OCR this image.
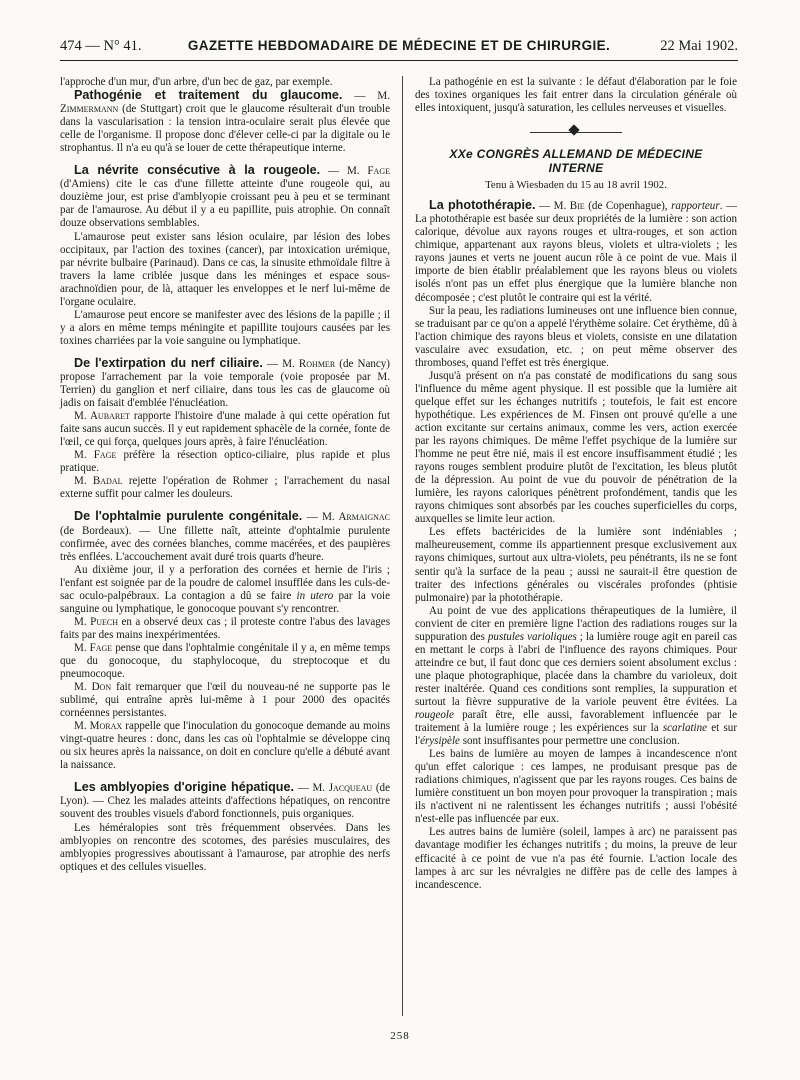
474 — N° 41.	GAZETTE HEBDOMADAIRE DE MÉDECINE ET DE CHIRURGIE.	22 Mai 1902.

l'approche d'un mur, d'un arbre, d'un bec de gaz, par exemple.

Pathogénie et traitement du glaucome. — M. Zimmermann (de Stuttgart) croit que le glaucome résulterait d'un trouble dans la vascularisation : la tension intra-oculaire serait plus élevée que celle de l'organisme. Il propose donc d'élever celle-ci par la digitale ou le strophantus. Il n'a eu qu'à se louer de cette thérapeutique interne.

La névrite consécutive à la rougeole. — M. Fage (d'Amiens) cite le cas d'une fillette atteinte d'une rougeole qui, au douzième jour, est prise d'amblyopie croissant peu à peu et se terminant par de l'amaurose. Au début il y a eu papillite, puis atrophie. On connaît douze observations semblables.

L'amaurose peut exister sans lésion oculaire, par lésion des lobes occipitaux, par l'action des toxines (cancer), par intoxication urémique, par névrite bulbaire (Parinaud). Dans ce cas, la sinusite ethmoïdale filtre à travers la lame criblée jusque dans les méninges et espace sous-arachnoïdien pour, de là, attaquer les enveloppes et le nerf lui-même de l'organe oculaire.

L'amaurose peut encore se manifester avec des lésions de la papille ; il y a alors en même temps méningite et papillite toujours causées par les toxines charriées par la voie sanguine ou lymphatique.

De l'extirpation du nerf ciliaire. — M. Rohmer (de Nancy) propose l'arrachement par la voie temporale (voie proposée par M. Terrien) du ganglion et nerf ciliaire, dans tous les cas de glaucome où jadis on faisait d'emblée l'énucléation.

M. Aubaret rapporte l'histoire d'une malade à qui cette opération fut faite sans aucun succès. Il y eut rapidement sphacèle de la cornée, fonte de l'œil, ce qui força, quelques jours après, à faire l'énucléation.

M. Fage préfère la résection optico-ciliaire, plus rapide et plus pratique.

M. Badal rejette l'opération de Rohmer ; l'arrachement du nasal externe suffit pour calmer les douleurs.

De l'ophtalmie purulente congénitale. — M. Armaignac (de Bordeaux). — Une fillette naît, atteinte d'ophtalmie purulente confirmée, avec des cornées blanches, comme macérées, et des paupières très enflées. L'accouchement avait duré trois quarts d'heure.

Au dixième jour, il y a perforation des cornées et hernie de l'iris ; l'enfant est soignée par de la poudre de calomel insufflée dans les culs-de-sac oculo-palpébraux. La contagion a dû se faire in utero par la voie sanguine ou lymphatique, le gonocoque pouvant s'y rencontrer.

M. Puech en a observé deux cas ; il proteste contre l'abus des lavages faits par des mains inexpérimentées.

M. Fage pense que dans l'ophtalmie congénitale il y a, en même temps que du gonocoque, du staphylocoque, du streptocoque et du pneumocoque.

M. Don fait remarquer que l'œil du nouveau-né ne supporte pas le sublimé, qui entraîne après lui-même à 1 pour 2000 des opacités cornéennes persistantes.

M. Morax rappelle que l'inoculation du gonocoque demande au moins vingt-quatre heures : donc, dans les cas où l'ophtalmie se développe cinq ou six heures après la naissance, on doit en conclure qu'elle a débuté avant la naissance.

Les amblyopies d'origine hépatique. — M. Jacqueau (de Lyon). — Chez les malades atteints d'affections hépatiques, on rencontre souvent des troubles visuels d'abord fonctionnels, puis organiques.

Les héméralopies sont très fréquemment observées. Dans les amblyopies on rencontre des scotomes, des parésies musculaires, des amblyopies progressives aboutissant à l'amaurose, par atrophie des nerfs optiques et des cellules visuelles.

La pathogénie en est la suivante : le défaut d'élaboration par le foie des toxines organiques les fait entrer dans la circulation générale où elles intoxiquent, jusqu'à saturation, les cellules nerveuses et visuelles.

XXe CONGRÈS ALLEMAND DE MÉDECINE
INTERNE
Tenu à Wiesbaden du 15 au 18 avril 1902.

La photothérapie. — M. Bie (de Copenhague), rapporteur. — La photothérapie est basée sur deux propriétés de la lumière : son action calorique, dévolue aux rayons rouges et ultra-rouges, et son action chimique, appartenant aux rayons bleus, violets et ultra-violets ; les rayons jaunes et verts ne jouent aucun rôle à ce point de vue. Mais il importe de bien établir préalablement que les rayons bleus ou violets isolés n'ont pas un effet plus énergique que la lumière blanche non décomposée ; c'est plutôt le contraire qui est la vérité.

Sur la peau, les radiations lumineuses ont une influence bien connue, se traduisant par ce qu'on a appelé l'érythème solaire. Cet érythème, dû à l'action chimique des rayons bleus et violets, consiste en une dilatation vasculaire avec exsudation, etc. ; on peut même observer des thromboses, quand l'effet est très énergique.

Jusqu'à présent on n'a pas constaté de modifications du sang sous l'influence du même agent physique. Il est possible que la lumière ait quelque effet sur les échanges nutritifs ; toutefois, le fait est encore hypothétique. Les expériences de M. Finsen ont prouvé qu'elle a une action excitante sur certains animaux, comme les vers, action exercée par les rayons chimiques. De même l'effet psychique de la lumière sur l'homme ne peut être nié, mais il est encore insuffisamment étudié ; les rayons rouges semblent produire plutôt de l'excitation, les bleus plutôt de la dépression. Au point de vue du pouvoir de pénétration de la lumière, les rayons caloriques pénètrent profondément, tandis que les rayons chimiques sont absorbés par les couches superficielles du corps, auxquelles se limite leur action.

Les effets bactéricides de la lumière sont indéniables ; malheureusement, comme ils appartiennent presque exclusivement aux rayons chimiques, surtout aux ultra-violets, peu pénétrants, ils ne se font sentir qu'à la surface de la peau ; aussi ne saurait-il être question de traiter des infections générales ou viscérales profondes (phtisie pulmonaire) par la photothérapie.

Au point de vue des applications thérapeutiques de la lumière, il convient de citer en première ligne l'action des radiations rouges sur la suppuration des pustules varioliques ; la lumière rouge agit en pareil cas en mettant le corps à l'abri de l'influence des rayons chimiques. Pour atteindre ce but, il faut donc que ces derniers soient absolument exclus : une plaque photographique, placée dans la chambre du varioleux, doit rester inaltérée. Quand ces conditions sont remplies, la suppuration et surtout la fièvre suppurative de la variole peuvent être évitées. La rougeole paraît être, elle aussi, favorablement influencée par le traitement à la lumière rouge ; les expériences sur la scarlatine et sur l'érysipèle sont insuffisantes pour permettre une conclusion.

Les bains de lumière au moyen de lampes à incandescence n'ont qu'un effet calorique : ces lampes, ne produisant presque pas de radiations chimiques, n'agissent que par les rayons rouges. Ces bains de lumière constituent un bon moyen pour provoquer la transpiration ; mais ils n'activent ni ne ralentissent les échanges nutritifs ; aussi l'obésité n'est-elle pas influencée par eux.

Les autres bains de lumière (soleil, lampes à arc) ne paraissent pas davantage modifier les échanges nutritifs ; du moins, la preuve de leur efficacité à ce point de vue n'a pas été fournie. L'action locale des lampes à arc sur les névralgies ne diffère pas de celle des lampes à incandescence.

258
